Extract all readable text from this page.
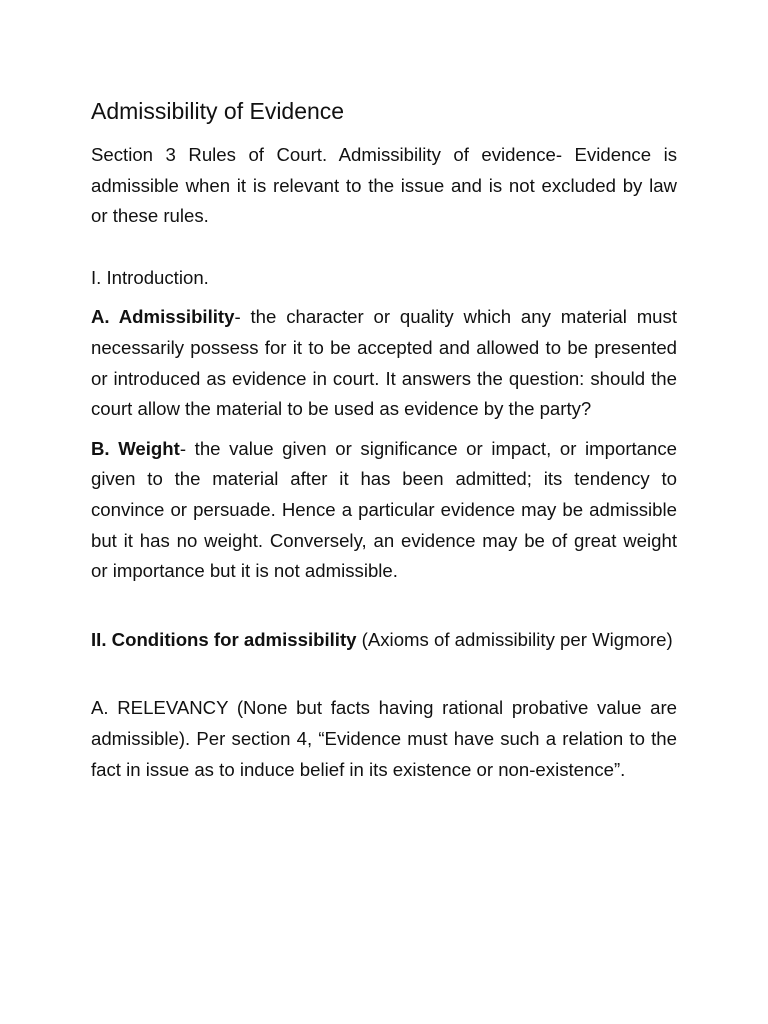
Admissibility of Evidence

Section 3 Rules of Court. Admissibility of evidence- Evidence is admissible when it is relevant to the issue and is not excluded by law or these rules.

I. Introduction.

A. Admissibility- the character or quality which any material must necessarily possess for it to be accepted and allowed to be presented or introduced as evidence in court. It answers the question: should the court allow the material to be used as evidence by the party?

B. Weight- the value given or significance or impact, or importance given to the material after it has been admitted; its tendency to convince or persuade. Hence a particular evidence may be admissible but it has no weight. Conversely, an evidence may be of great weight or importance but it is not admissible.

II. Conditions for admissibility (Axioms of admissibility per Wigmore)

A. RELEVANCY (None but facts having rational probative value are admissible). Per section 4, “Evidence must have such a relation to the fact in issue as to induce belief in its existence or non-existence”.
